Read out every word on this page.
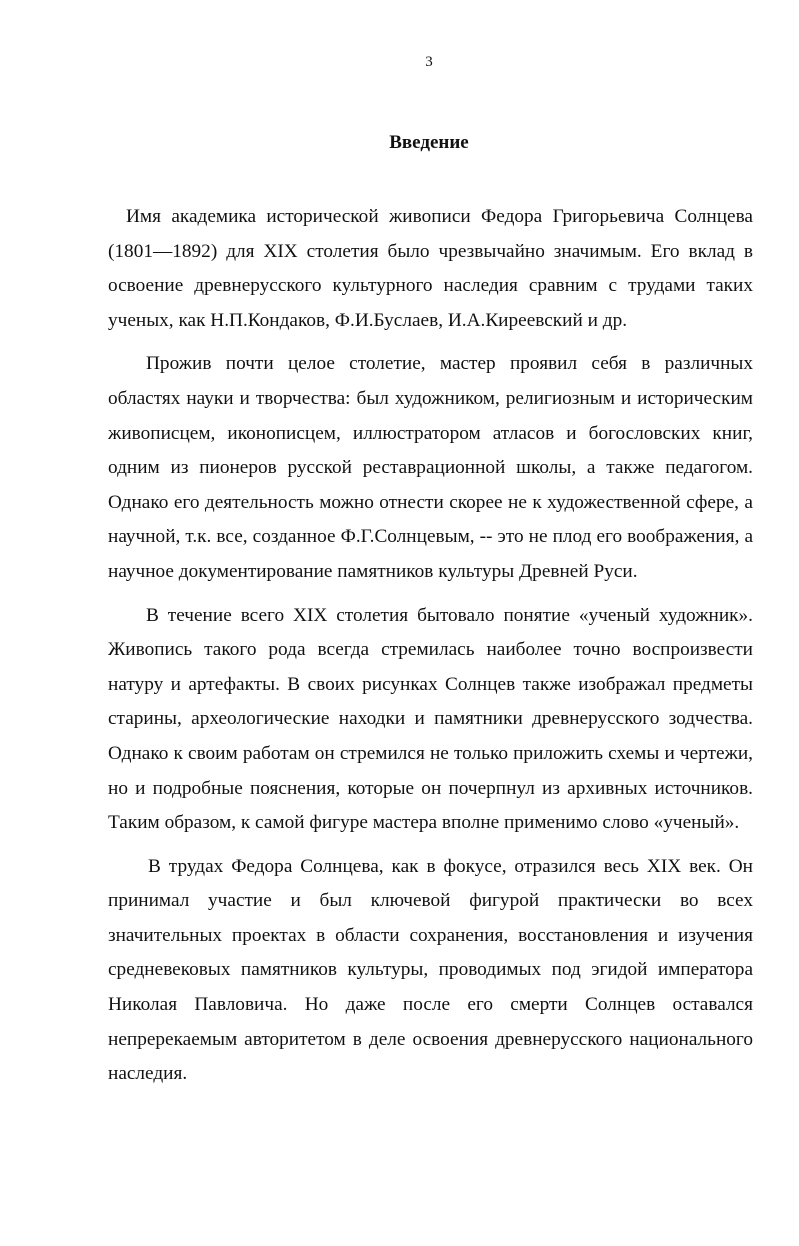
3
Введение

Имя академика исторической живописи Федора Григорьевича Солнцева (1801—1892) для XIX столетия было чрезвычайно значимым. Его вклад в освоение древнерусского культурного наследия сравним с трудами таких ученых, как Н.П.Кондаков, Ф.И.Буслаев, И.А.Киреевский и др.

Прожив почти целое столетие, мастер проявил себя в различных областях науки и творчества: был художником, религиозным и историческим живописцем, иконописцем, иллюстратором атласов и богословских книг, одним из пионеров русской реставрационной школы, а также педагогом. Однако его деятельность можно отнести скорее не к художественной сфере, а научной, т.к. все, созданное Ф.Г.Солнцевым, -- это не плод его воображения, а научное документирование памятников культуры Древней Руси.

В течение всего XIX столетия бытовало понятие «ученый художник». Живопись такого рода всегда стремилась наиболее точно воспроизвести натуру и артефакты. В своих рисунках Солнцев также изображал предметы старины, археологические находки и памятники древнерусского зодчества. Однако к своим работам он стремился не только приложить схемы и чертежи, но и подробные пояснения, которые он почерпнул из архивных источников. Таким образом, к самой фигуре мастера вполне применимо слово «ученый».

В трудах Федора Солнцева, как в фокусе, отразился весь XIX век. Он принимал участие и был ключевой фигурой практически во всех значительных проектах в области сохранения, восстановления и изучения средневековых памятников культуры, проводимых под эгидой императора Николая Павловича. Но даже после его смерти Солнцев оставался непререкаемым авторитетом в деле освоения древнерусского национального наследия.
